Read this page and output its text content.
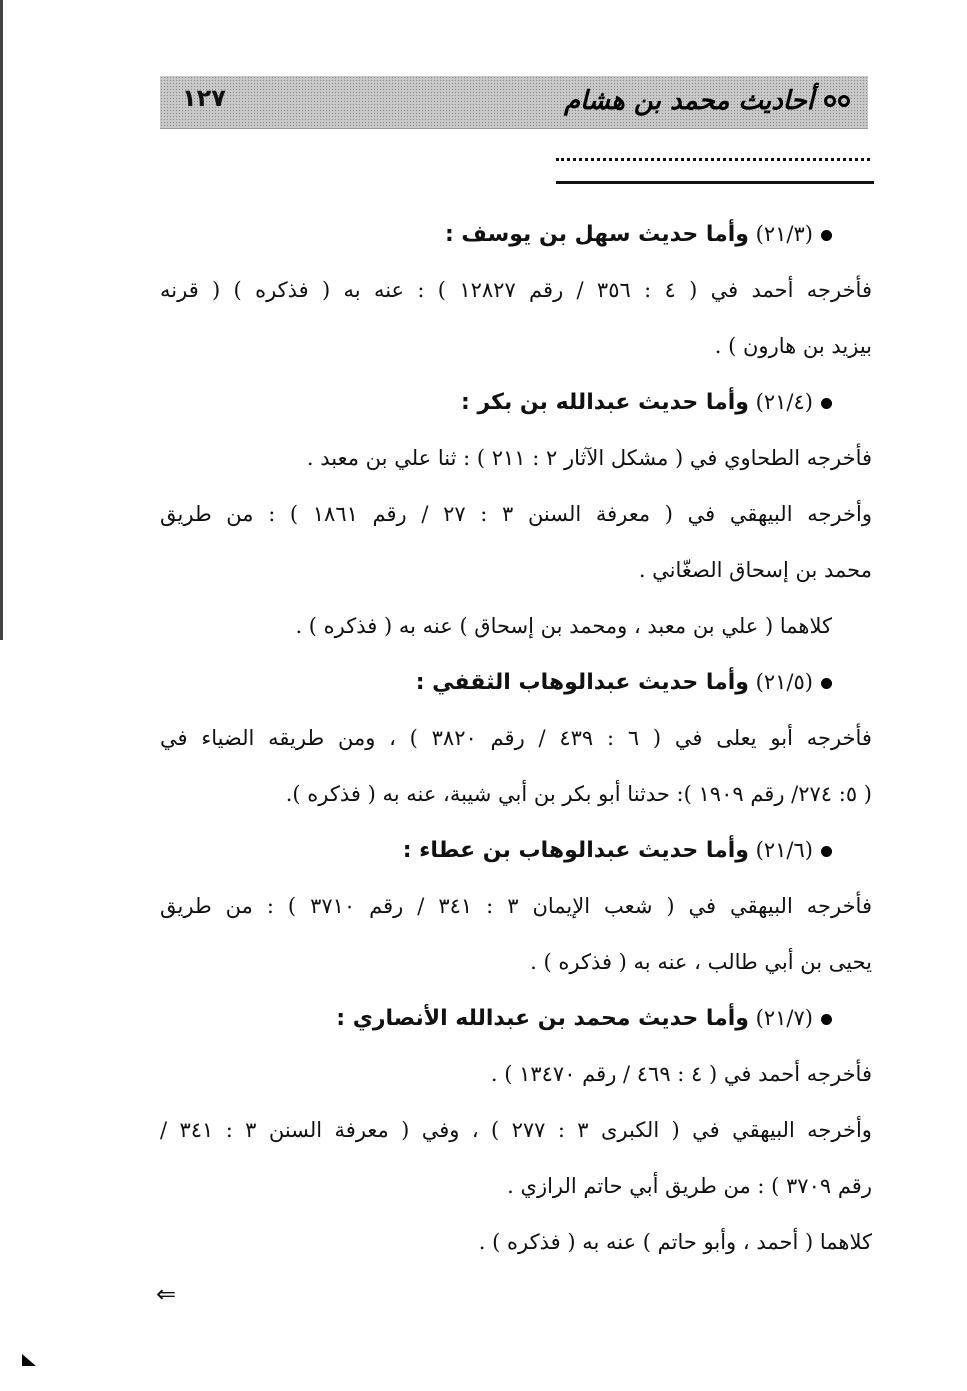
١٢٧	أحاديث محمد بن هشام

(٢١/٣) وأما حديث سهل بن يوسف :

فأخرجه أحمد في ( ٤ : ٣٥٦ / رقم ١٢٨٢٧ ) : عنه به ( فذكره ) ( قرنه

بيزيد بن هارون ) .

(٢١/٤) وأما حديث عبدالله بن بكر :

فأخرجه الطحاوي في ( مشكل الآثار ٢ : ٢١١ ) : ثنا علي بن معبد .

وأخرجه البيهقي في ( معرفة السنن ٣ : ٢٧ / رقم ١٨٦١ ) : من طريق

محمد بن إسحاق الصغّاني .

كلاهما ( علي بن معبد ، ومحمد بن إسحاق ) عنه به ( فذكره ) .

(٢١/٥) وأما حديث عبدالوهاب الثقفي :

فأخرجه أبو يعلى في ( ٦ : ٤٣٩ / رقم ٣٨٢٠ ) ، ومن طريقه الضياء في

( ٥: ٢٧٤/ رقم ١٩٠٩ ): حدثنا أبو بكر بن أبي شيبة، عنه به ( فذكره ).

(٢١/٦) وأما حديث عبدالوهاب بن عطاء :

فأخرجه البيهقي في ( شعب الإيمان ٣ : ٣٤١ / رقم ٣٧١٠ ) : من طريق

يحيى بن أبي طالب ، عنه به ( فذكره ) .

(٢١/٧) وأما حديث محمد بن عبدالله الأنصاري :

فأخرجه أحمد في ( ٤ : ٤٦٩ / رقم ١٣٤٧٠ ) .

وأخرجه البيهقي في ( الكبرى ٣ : ٢٧٧ ) ، وفي ( معرفة السنن ٣ : ٣٤١ /

رقم ٣٧٠٩ ) : من طريق أبي حاتم الرازي .

كلاهما ( أحمد ، وأبو حاتم ) عنه به ( فذكره ) .

⇐
